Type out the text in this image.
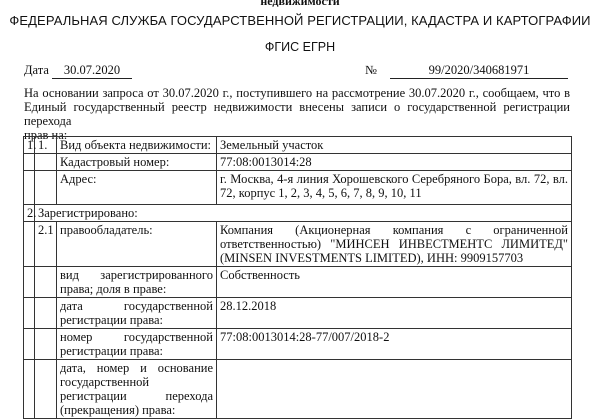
недвижимости
ФЕДЕРАЛЬНАЯ СЛУЖБА ГОСУДАРСТВЕННОЙ РЕГИСТРАЦИИ, КАДАСТРА И КАРТОГРАФИИ
ФГИС ЕГРН
Дата	30.07.2020	№	99/2020/340681971
На основании запроса от 30.07.2020 г., поступившего на рассмотрение 30.07.2020 г., сообщаем, что в
Единый государственный реестр недвижимости внесены записи о государственной регистрации перехода
прав на:
1.	1.	Вид объекта недвижимости:	Земельный участок
		Кадастровый номер:	77:08:0013014:28
		Адрес:	г. Москва, 4-я линия Хорошевского Серебряного Бора, вл. 72, вл. 72, корпус 1, 2, 3, 4, 5, 6, 7, 8, 9, 10, 11
2.	Зарегистрировано:		
	2.1	правообладатель:	Компания (Акционерная компания с ограниченной ответственностью) "МИНСЕН ИНВЕСТМЕНТС ЛИМИТЕД" (MINSEN INVESTMENTS LIMITED), ИНН: 9909157703
		вид зарегистрированного права; доля в праве:	Собственность
		дата государственной регистрации права:	28.12.2018
		номер государственной регистрации права:	77:08:0013014:28-77/007/2018-2
		дата, номер и основание государственной регистрации перехода (прекращения) права:	
